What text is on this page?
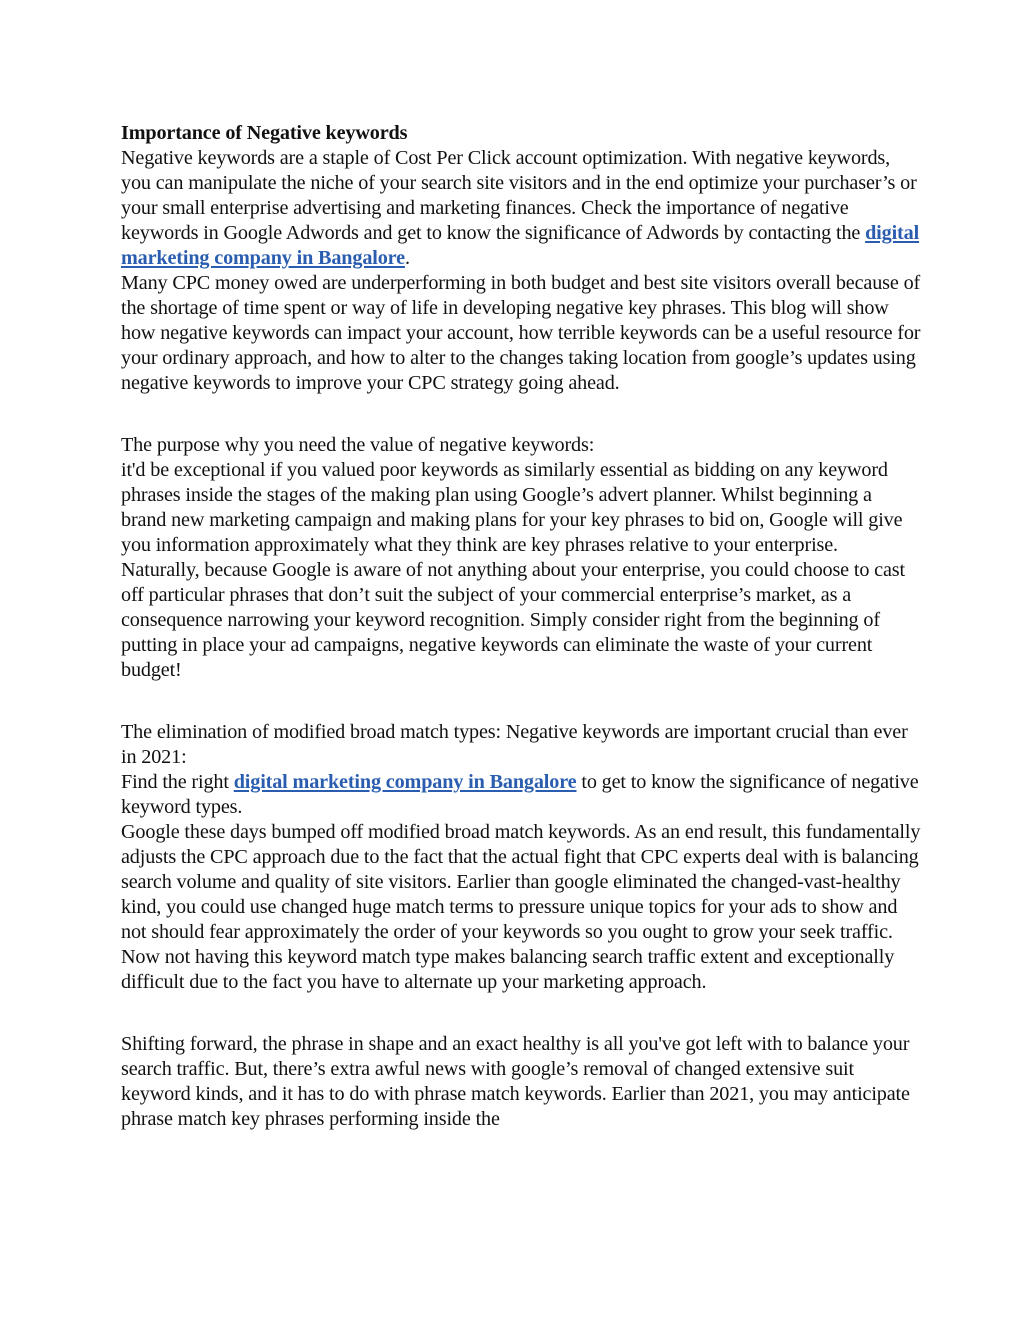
Importance of Negative keywords

Negative keywords are a staple of Cost Per Click account optimization. With negative keywords, you can manipulate the niche of your search site visitors and in the end optimize your purchaser’s or your small enterprise advertising and marketing finances. Check the importance of negative keywords in Google Adwords and get to know the significance of Adwords by contacting the digital marketing company in Bangalore.

Many CPC money owed are underperforming in both budget and best site visitors overall because of the shortage of time spent or way of life in developing negative key phrases. This blog will show how negative keywords can impact your account, how terrible keywords can be a useful resource for your ordinary approach, and how to alter to the changes taking location from google’s updates using negative keywords to improve your CPC strategy going ahead.

The purpose why you need the value of negative keywords:

it'd be exceptional if you valued poor keywords as similarly essential as bidding on any keyword phrases inside the stages of the making plan using Google’s advert planner. Whilst beginning a brand new marketing campaign and making plans for your key phrases to bid on, Google will give you information approximately what they think are key phrases relative to your enterprise. Naturally, because Google is aware of not anything about your enterprise, you could choose to cast off particular phrases that don’t suit the subject of your commercial enterprise’s market, as a consequence narrowing your keyword recognition. Simply consider right from the beginning of putting in place your ad campaigns, negative keywords can eliminate the waste of your current budget!

The elimination of modified broad match types: Negative keywords are important crucial than ever in 2021:

Find the right digital marketing company in Bangalore to get to know the significance of negative keyword types.

Google these days bumped off modified broad match keywords. As an end result, this fundamentally adjusts the CPC approach due to the fact that the actual fight that CPC experts deal with is balancing search volume and quality of site visitors. Earlier than google eliminated the changed-vast-healthy kind, you could use changed huge match terms to pressure unique topics for your ads to show and not should fear approximately the order of your keywords so you ought to grow your seek traffic. Now not having this keyword match type makes balancing search traffic extent and exceptionally difficult due to the fact you have to alternate up your marketing approach.

Shifting forward, the phrase in shape and an exact healthy is all you've got left with to balance your search traffic. But, there’s extra awful news with google’s removal of changed extensive suit keyword kinds, and it has to do with phrase match keywords. Earlier than 2021, you may anticipate phrase match key phrases performing inside the
